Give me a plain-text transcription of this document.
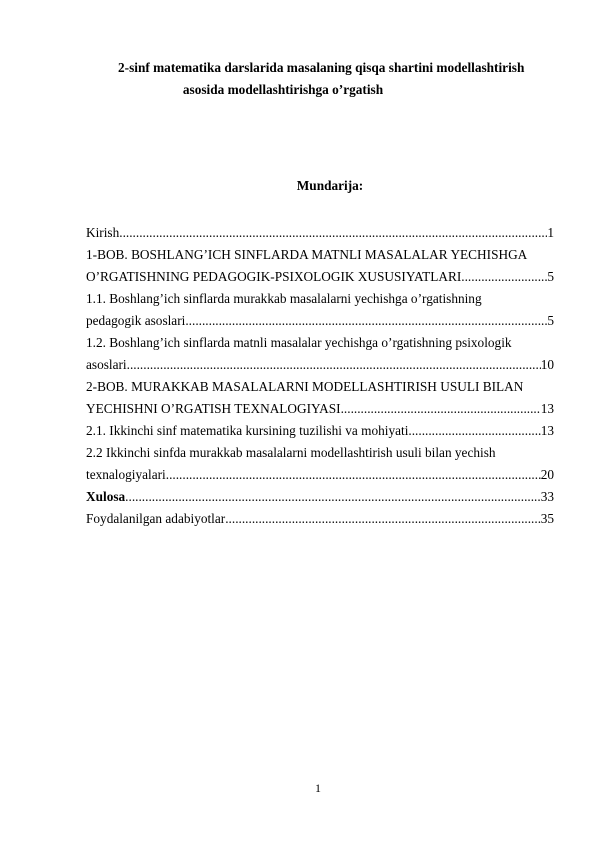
2-sinf matematika darslarida masalaning qisqa shartini modellashtirish
asosida modellashtirishga o’rgatish
Mundarija:
Kirish .....	1
1-BOB. BOSHLANG’ICH SINFLARDA MATNLI MASALALAR YECHISHGA
O’RGATISHNING PEDAGOGIK-PSIXOLOGIK XUSUSIYATLARI .....	5
1.1. Boshlang’ich sinflarda murakkab masalalarni yechishga o’rgatishning
pedagogik asoslari .....	5
1.2. Boshlang’ich sinflarda matnli masalalar yechishga o’rgatishning psixologik
asoslari .....	10
2-BOB. MURAKKAB MASALALARNI MODELLASHTIRISH USULI BILAN
YECHISHNI O’RGATISH TEXNALOGIYASI .....	13
2.1. Ikkinchi sinf matematika kursining tuzilishi va mohiyati .....	13
2.2 Ikkinchi sinfda murakkab masalalarni modellashtirish usuli bilan yechish
texnalogiyalari .....	20
Xulosa .....	33
Foydalanilgan adabiyotlar .....	35
1
